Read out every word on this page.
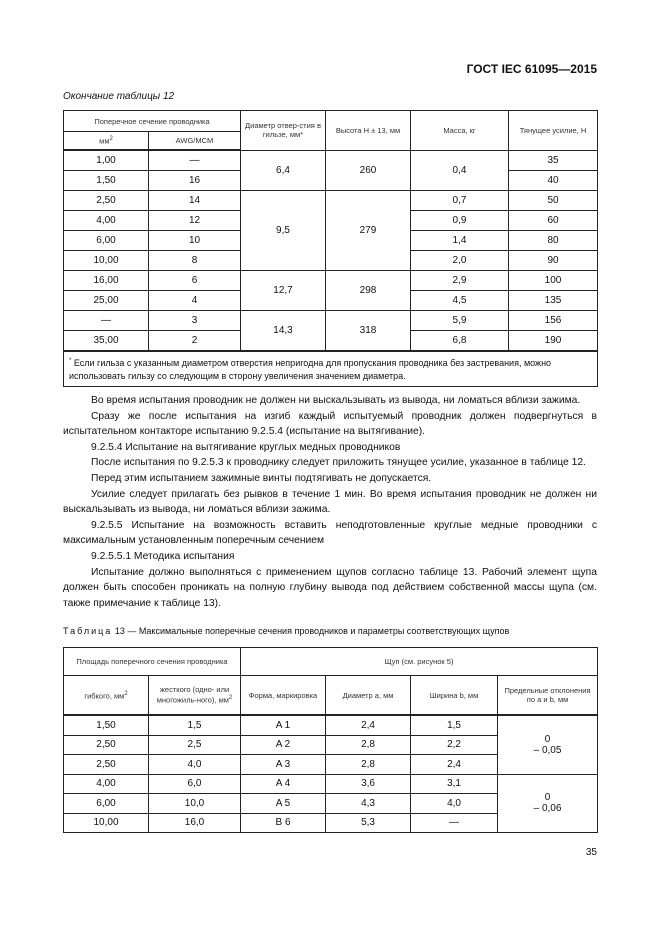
ГОСТ IEC 61095—2015
Окончание таблицы 12
Поперечное сечение проводника		Диаметр отвер-стия в гильзе, мм*	Высота H ± 13, мм	Масса, кг	Тянущее усилие, Н
$мм^2$	AWG/MCM				
1,00	—	6,4	260	0,4	35
1,50	16				40
2,50	14	9,5	279	0,7	50
4,00	12			0,9	60
6,00	10			1,4	80
10,00	8			2,0	90
16,00	6	12,7	298	2,9	100
25,00	4			4,5	135
—	3	14,3	318	5,9	156
35,00	2			6,8	190
* Если гильза с указанным диаметром отверстия непригодна для пропускания проводника без застревания, можно использовать гильзу со следующим в сторону увеличения значением диаметра.					

Во время испытания проводник не должен ни выскальзывать из вывода, ни ломаться вблизи зажима.

Сразу же после испытания на изгиб каждый испытуемый проводник должен подвергнуться в испытательном контакторе испытанию 9.2.5.4 (испытание на вытягивание).

9.2.5.4 Испытание на вытягивание круглых медных проводников

После испытания по 9.2.5.3 к проводнику следует приложить тянущее усилие, указанное в таблице 12.

Перед этим испытанием зажимные винты подтягивать не допускается.

Усилие следует прилагать без рывков в течение 1 мин. Во время испытания проводник не должен ни выскальзывать из вывода, ни ломаться вблизи зажима.

9.2.5.5 Испытание на возможность вставить неподготовленные круглые медные проводники с максимальным установленным поперечным сечением

9.2.5.5.1 Методика испытания

Испытание должно выполняться с применением щупов согласно таблице 13. Рабочий элемент щупа должен быть способен проникать на полную глубину вывода под действием собственной массы щупа (см. также примечание к таблице 13).

Таблица 13 — Максимальные поперечные сечения проводников и параметры соответствующих щупов
Площадь поперечного сечения проводника		Щуп (см. рисунок 5)			
гибкого, $мм^2$	жесткого (одно- или многожиль-ного), $мм^2$	Форма, маркировка	Диаметр a, мм	Ширина b, мм	Предельные отклонения по a и b, мм
1,50	1,5	A 1	2,4	1,5	0
– 0,05

2,50	2,5	A 2	2,8	2,2	
2,50	4,0	A 3	2,8	2,4	
4,00	6,0	A 4	3,6	3,1	0
– 0,06

6,00	10,0	A 5	4,3	4,0	
10,00	16,0	B 6	5,3	—	
35
